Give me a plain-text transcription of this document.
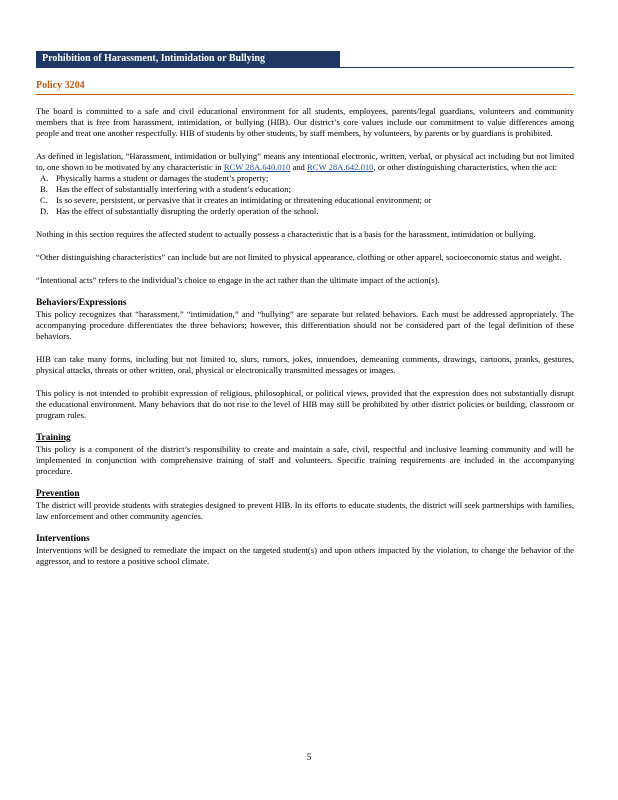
Prohibition of Harassment, Intimidation or Bullying
Policy 3204

The board is committed to a safe and civil educational environment for all students, employees, parents/legal guardians, volunteers and community members that is free from harassment, intimidation, or bullying (HIB). Our district’s core values include our commitment to value differences among people and treat one another respectfully. HIB of students by other students, by staff members, by volunteers, by parents or by guardians is prohibited.

As defined in legislation, “Harassment, intimidation or bullying” means any intentional electronic, written, verbal, or physical act including but not limited to, one shown to be motivated by any characteristic in RCW 28A.640.010 and RCW 28A.642.010, or other distinguishing characteristics, when the act:

A. Physically harms a student or damages the student’s property;
B. Has the effect of substantially interfering with a student’s education;
C. Is so severe, persistent, or pervasive that it creates an intimidating or threatening educational environment; or
D. Has the effect of substantially disrupting the orderly operation of the school.

Nothing in this section requires the affected student to actually possess a characteristic that is a basis for the harassment, intimidation or bullying.

“Other distinguishing characteristics” can include but are not limited to physical appearance, clothing or other apparel, socioeconomic status and weight.

“Intentional acts” refers to the individual’s choice to engage in the act rather than the ultimate impact of the action(s).

Behaviors/Expressions

This policy recognizes that “harassment,” “intimidation,” and “bullying” are separate but related behaviors. Each must be addressed appropriately. The accompanying procedure differentiates the three behaviors; however, this differentiation should not be considered part of the legal definition of these behaviors.

HIB can take many forms, including but not limited to, slurs, rumors, jokes, innuendoes, demeaning comments, drawings, cartoons, pranks, gestures, physical attacks, threats or other written, oral, physical or electronically transmitted messages or images.

This policy is not intended to prohibit expression of religious, philosophical, or political views, provided that the expression does not substantially disrupt the educational environment. Many behaviors that do not rise to the level of HIB may still be prohibited by other district policies or building, classroom or program rules.

Training

This policy is a component of the district’s responsibility to create and maintain a safe, civil, respectful and inclusive learning community and will be implemented in conjunction with comprehensive training of staff and volunteers. Specific training requirements are included in the accompanying procedure.

Prevention

The district will provide students with strategies designed to prevent HIB. In its efforts to educate students, the district will seek partnerships with families, law enforcement and other community agencies.

Interventions

Interventions will be designed to remediate the impact on the targeted student(s) and upon others impacted by the violation, to change the behavior of the aggressor, and to restore a positive school climate.

5
